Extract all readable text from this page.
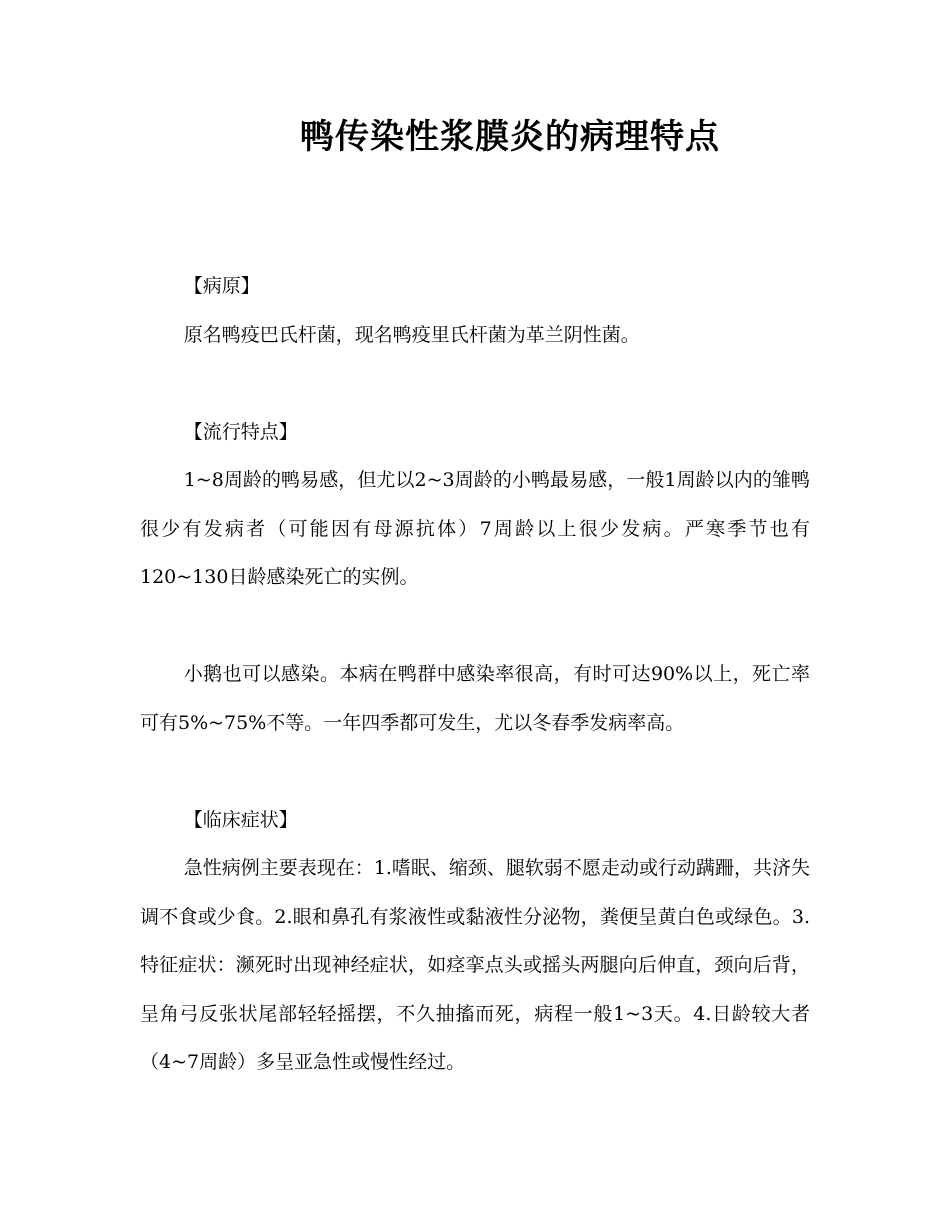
鸭传染性浆膜炎的病理特点

【病原】

原名鸭疫巴氏杆菌，现名鸭疫里氏杆菌为革兰阴性菌。

【流行特点】

1~8周龄的鸭易感，但尤以2~3周龄的小鸭最易感，一般1周龄以内的雏鸭很少有发病者（可能因有母源抗体）7周龄以上很少发病。严寒季节也有120~130日龄感染死亡的实例。

小鹅也可以感染。本病在鸭群中感染率很高，有时可达90%以上，死亡率可有5%~75%不等。一年四季都可发生，尤以冬春季发病率高。

【临床症状】

急性病例主要表现在：1.嗜眠、缩颈、腿软弱不愿走动或行动蹒跚，共济失调不食或少食。2.眼和鼻孔有浆液性或黏液性分泌物，粪便呈黄白色或绿色。3.特征症状：濒死时出现神经症状，如痉挛点头或摇头两腿向后伸直，颈向后背，呈角弓反张状尾部轻轻摇摆，不久抽搐而死，病程一般1~3天。4.日龄较大者（4~7周龄）多呈亚急性或慢性经过。
